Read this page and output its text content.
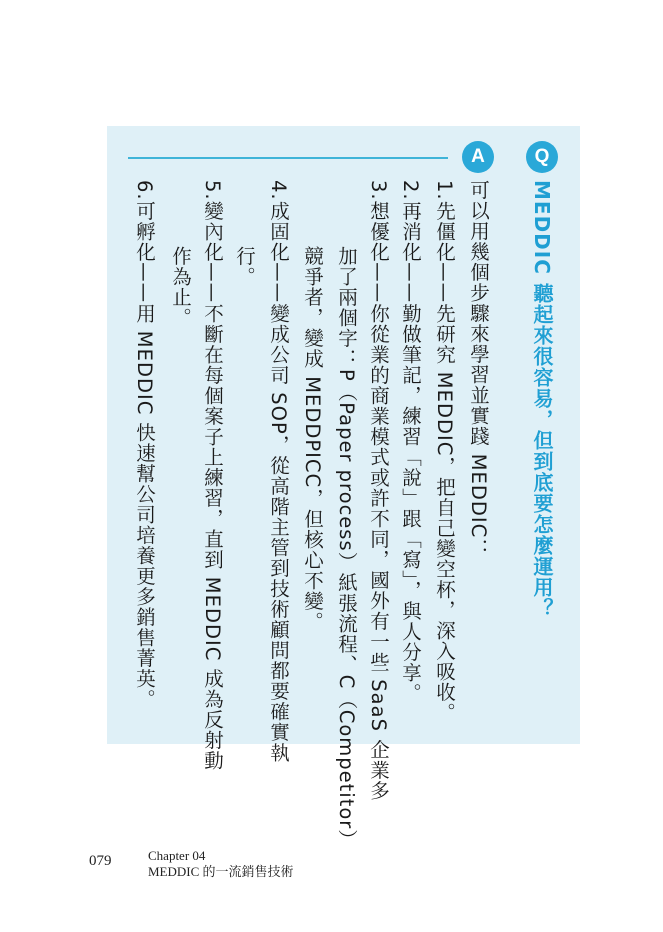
Q
A
MEDDIC 聽起來很容易，但到底要怎麼運用？
可以用幾個步驟來學習並實踐 MEDDIC：
1.先僵化——先研究 MEDDIC，把自己變空杯，深入吸收。
2.再消化——勤做筆記，練習「說」跟「寫」，與人分享。
3.想優化——你從業的商業模式或許不同，國外有一些 SaaS 企業多
加了兩個字：P（Paper process）紙張流程、C（Competitor）
競爭者，變成 MEDDPICC，但核心不變。
4.成固化——變成公司 SOP，從高階主管到技術顧問都要確實執
行。
5.變內化——不斷在每個案子上練習，直到 MEDDIC 成為反射動
作為止。
6.可孵化——用 MEDDIC 快速幫公司培養更多銷售菁英。
079	Chapter 04
MEDDIC 的一流銷售技術
